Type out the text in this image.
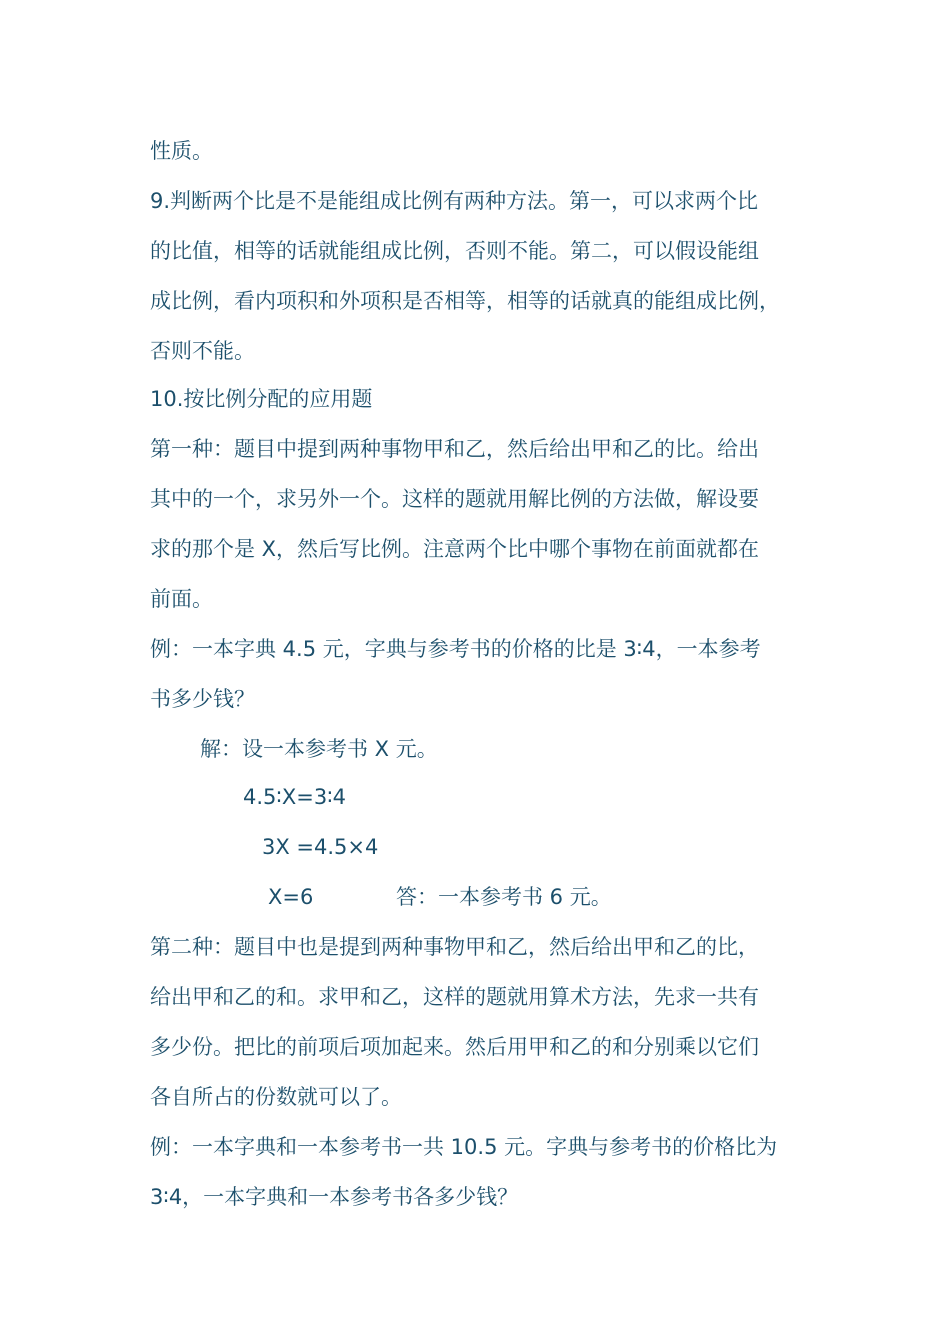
性质。
9.判断两个比是不是能组成比例有两种方法。第一，可以求两个比
的比值，相等的话就能组成比例，否则不能。第二，可以假设能组
成比例，看内项积和外项积是否相等，相等的话就真的能组成比例，
否则不能。
10.按比例分配的应用题
第一种：题目中提到两种事物甲和乙，然后给出甲和乙的比。给出
其中的一个，求另外一个。这样的题就用解比例的方法做，解设要
求的那个是 X，然后写比例。注意两个比中哪个事物在前面就都在
前面。
例：一本字典 4.5 元，字典与参考书的价格的比是 3∶4，一本参考
书多少钱？
解：设一本参考书 X 元。
4.5∶X=3∶4
3X =4.5×4
X=6	答：一本参考书 6 元。
第二种：题目中也是提到两种事物甲和乙，然后给出甲和乙的比，
给出甲和乙的和。求甲和乙，这样的题就用算术方法，先求一共有
多少份。把比的前项后项加起来。然后用甲和乙的和分别乘以它们
各自所占的份数就可以了。
例：一本字典和一本参考书一共 10.5 元。字典与参考书的价格比为
3∶4，一本字典和一本参考书各多少钱？
